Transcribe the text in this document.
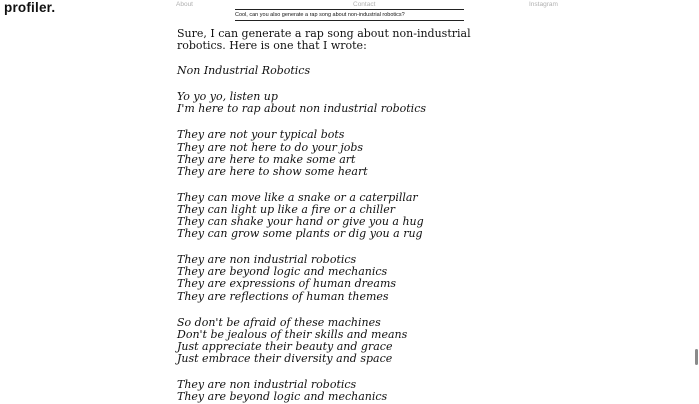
profiler.	About	Contact	Instagram
Cool, can you also generate a rap song about non-industrial robotics?

Sure, I can generate a rap song about non-industrial robotics. Here is one that I wrote:

Non Industrial Robotics

Yo yo yo, listen up
I'm here to rap about non industrial robotics

They are not your typical bots
They are not here to do your jobs
They are here to make some art
They are here to show some heart

They can move like a snake or a caterpillar
They can light up like a fire or a chiller
They can shake your hand or give you a hug
They can grow some plants or dig you a rug

They are non industrial robotics
They are beyond logic and mechanics
They are expressions of human dreams
They are reflections of human themes

So don't be afraid of these machines
Don't be jealous of their skills and means
Just appreciate their beauty and grace
Just embrace their diversity and space

They are non industrial robotics
They are beyond logic and mechanics
